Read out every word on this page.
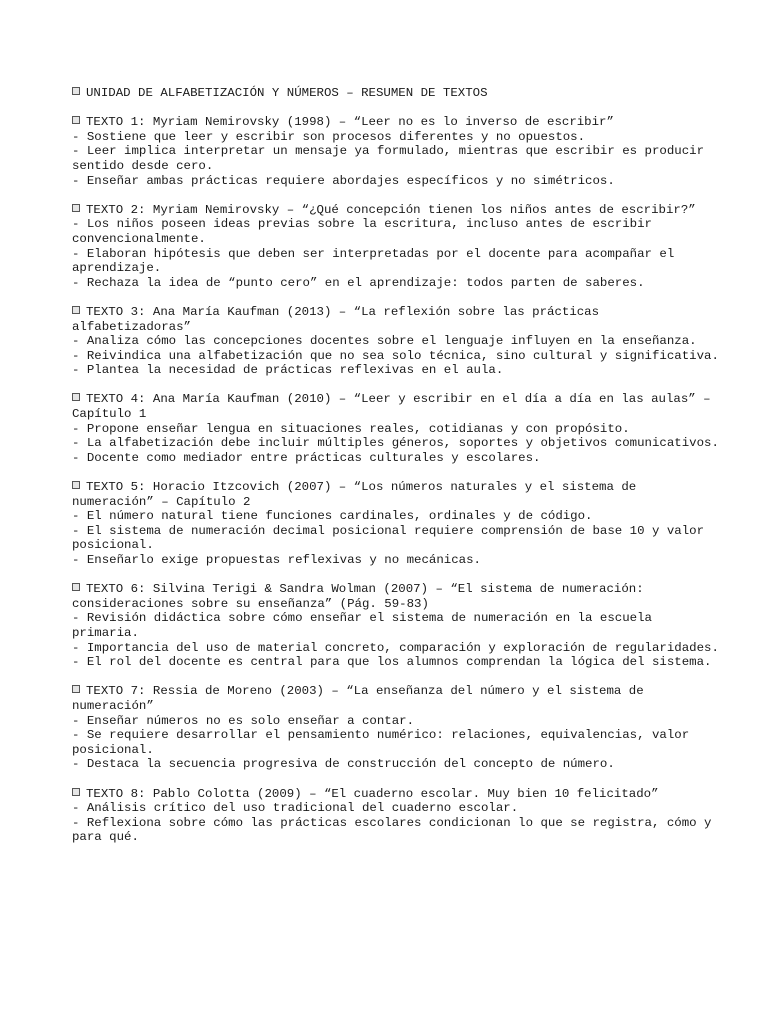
UNIDAD DE ALFABETIZACIÓN Y NÚMEROS – RESUMEN DE TEXTOS
TEXTO 1: Myriam Nemirovsky (1998) – “Leer no es lo inverso de escribir”
- Sostiene que leer y escribir son procesos diferentes y no opuestos.
- Leer implica interpretar un mensaje ya formulado, mientras que escribir es producir sentido desde cero.
- Enseñar ambas prácticas requiere abordajes específicos y no simétricos.
TEXTO 2: Myriam Nemirovsky – “¿Qué concepción tienen los niños antes de escribir?”
- Los niños poseen ideas previas sobre la escritura, incluso antes de escribir convencionalmente.
- Elaboran hipótesis que deben ser interpretadas por el docente para acompañar el aprendizaje.
- Rechaza la idea de “punto cero” en el aprendizaje: todos parten de saberes.
TEXTO 3: Ana María Kaufman (2013) – “La reflexión sobre las prácticas alfabetizadoras”
- Analiza cómo las concepciones docentes sobre el lenguaje influyen en la enseñanza.
- Reivindica una alfabetización que no sea solo técnica, sino cultural y significativa.
- Plantea la necesidad de prácticas reflexivas en el aula.
TEXTO 4: Ana María Kaufman (2010) – “Leer y escribir en el día a día en las aulas” – Capítulo 1
- Propone enseñar lengua en situaciones reales, cotidianas y con propósito.
- La alfabetización debe incluir múltiples géneros, soportes y objetivos comunicativos.
- Docente como mediador entre prácticas culturales y escolares.
TEXTO 5: Horacio Itzcovich (2007) – “Los números naturales y el sistema de numeración” – Capítulo 2
- El número natural tiene funciones cardinales, ordinales y de código.
- El sistema de numeración decimal posicional requiere comprensión de base 10 y valor posicional.
- Enseñarlo exige propuestas reflexivas y no mecánicas.
TEXTO 6: Silvina Terigi & Sandra Wolman (2007) – “El sistema de numeración: consideraciones sobre su enseñanza” (Pág. 59-83)
- Revisión didáctica sobre cómo enseñar el sistema de numeración en la escuela primaria.
- Importancia del uso de material concreto, comparación y exploración de regularidades.
- El rol del docente es central para que los alumnos comprendan la lógica del sistema.
TEXTO 7: Ressia de Moreno (2003) – “La enseñanza del número y el sistema de numeración”
- Enseñar números no es solo enseñar a contar.
- Se requiere desarrollar el pensamiento numérico: relaciones, equivalencias, valor posicional.
- Destaca la secuencia progresiva de construcción del concepto de número.
TEXTO 8: Pablo Colotta (2009) – “El cuaderno escolar. Muy bien 10 felicitado”
- Análisis crítico del uso tradicional del cuaderno escolar.
- Reflexiona sobre cómo las prácticas escolares condicionan lo que se registra, cómo y para qué.
